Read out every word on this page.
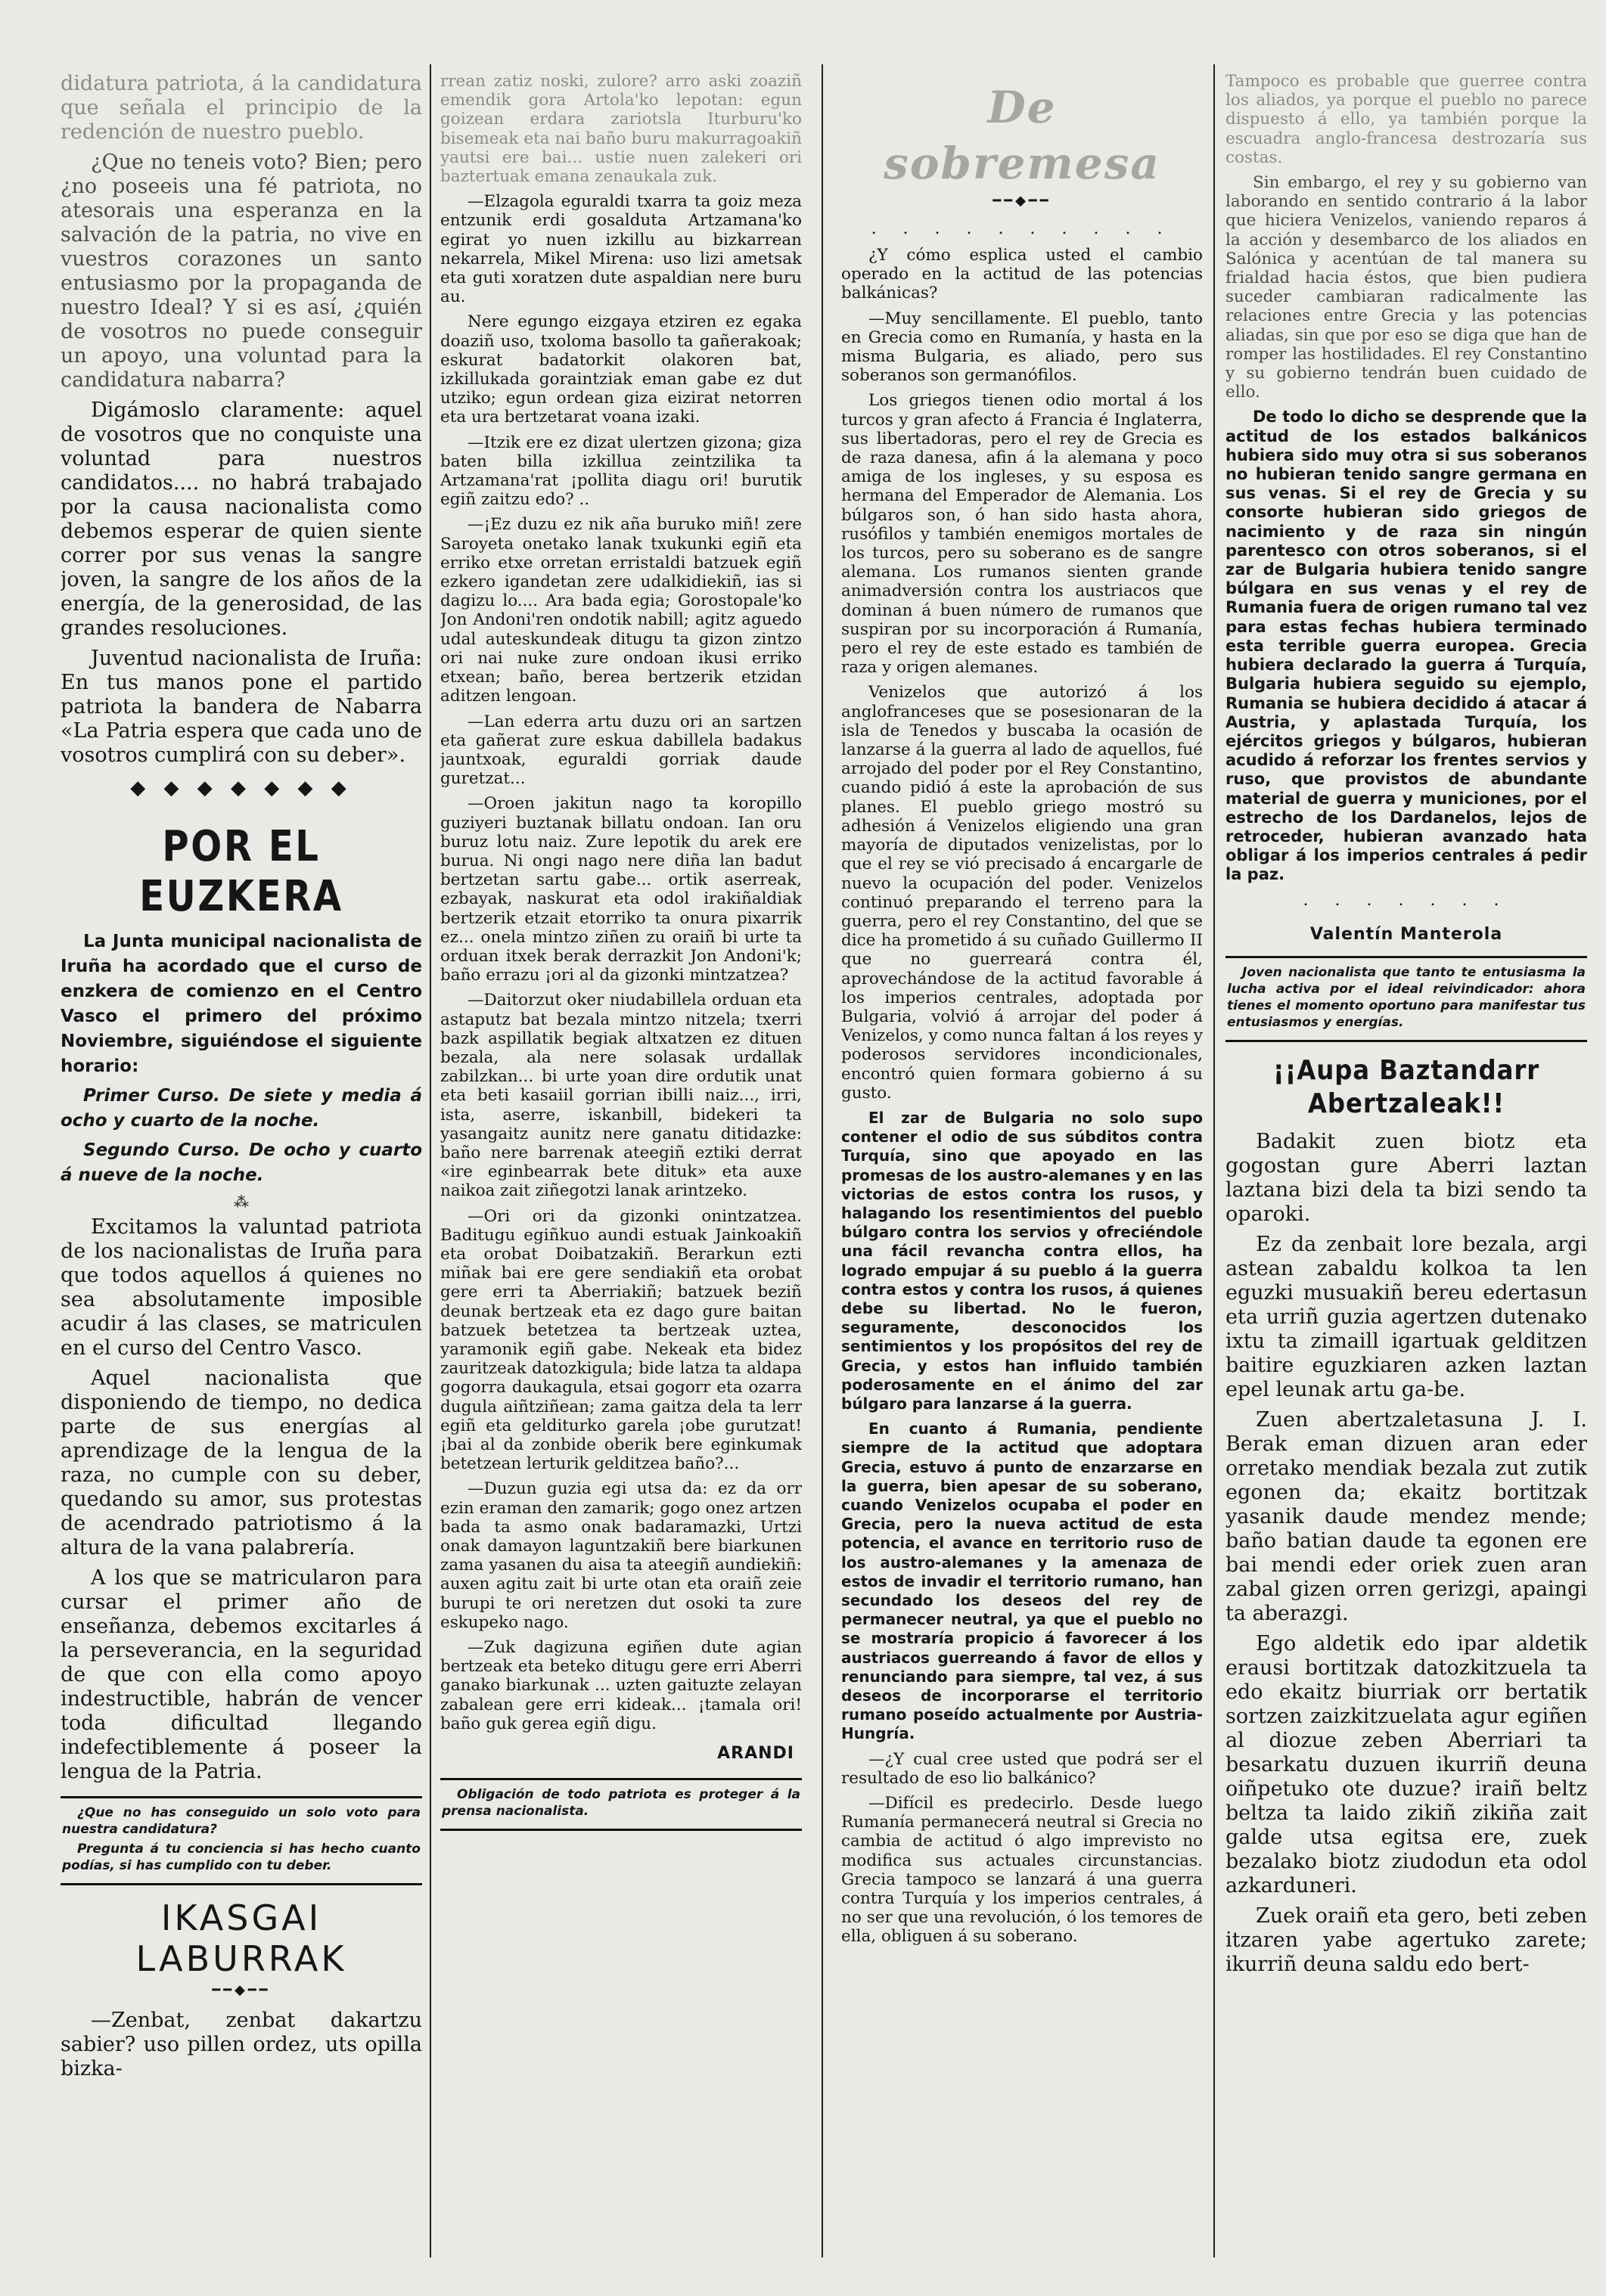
didatura patriota, á la candidatura que señala el principio de la redención de nuestro pueblo.

¿Que no teneis voto? Bien; pero ¿no poseeis una fé patriota, no atesorais una esperanza en la salvación de la patria, no vive en vuestros corazones un santo entusiasmo por la propaganda de nuestro Ideal? Y si es así, ¿quién de vosotros no puede conseguir un apoyo, una voluntad para la candidatura nabarra?

Digámoslo claramente: aquel de vosotros que no conquiste una voluntad para nuestros candidatos.... no habrá trabajado por la causa nacionalista como debemos esperar de quien siente correr por sus venas la sangre joven, la sangre de los años de la energía, de la generosidad, de las grandes resoluciones.

Juventud nacionalista de Iruña: En tus manos pone el partido patriota la bandera de Nabarra «La Patria espera que cada uno de vosotros cumplirá con su deber».

◆ ◆ ◆ ◆ ◆ ◆ ◆
POR EL EUZKERA

La Junta municipal nacionalista de Iruña ha acordado que el curso de enzkera de comienzo en el Centro Vasco el primero del próximo Noviembre, siguiéndose el siguiente horario:

Primer Curso. De siete y media á ocho y cuarto de la noche.

Segundo Curso. De ocho y cuarto á nueve de la noche.

⁂

Excitamos la valuntad patriota de los nacionalistas de Iruña para que todos aquellos á quienes no sea absolutamente imposible acudir á las clases, se matriculen en el curso del Centro Vasco.

Aquel nacionalista que disponiendo de tiempo, no dedica parte de sus energías al aprendizage de la lengua de la raza, no cumple con su deber, quedando su amor, sus protestas de acendrado patriotismo á la altura de la vana palabrería.

A los que se matricularon para cursar el primer año de enseñanza, debemos excitarles á la perseverancia, en la seguridad de que con ella como apoyo indestructible, habrán de vencer toda dificultad llegando indefectiblemente á poseer la lengua de la Patria.

¿Que no has conseguido un solo voto para nuestra candidatura?

Pregunta á tu conciencia si has hecho cuanto podías, si has cumplido con tu deber.

IKASGAI LABURRAK
━━◆━━

—Zenbat, zenbat dakartzu sabier? uso pillen ordez, uts opilla bizka-

rrean zatiz noski, zulore? arro aski zoaziñ emendik gora Artola'ko lepotan: egun goizean erdara zariotsla Iturburu'ko bisemeak eta nai baño buru makurragoakiñ yautsi ere bai... ustie nuen zalekeri ori baztertuak emana zenaukala zuk.

—Elzagola eguraldi txarra ta goiz meza entzunik erdi gosalduta Artzamana'ko egirat yo nuen izkillu au bizkarrean nekarrela, Mikel Mirena: uso lizi ametsak eta guti xoratzen dute aspaldian nere buru au.

Nere egungo eizgaya etziren ez egaka doaziñ uso, txoloma basollo ta gañerakoak; eskurat badatorkit olakoren bat, izkillukada goraintziak eman gabe ez dut utziko; egun ordean giza eizirat netorren eta ura bertzetarat voana izaki.

—Itzik ere ez dizat ulertzen gizona; giza baten billa izkillua zeintzilika ta Artzamana'rat ¡pollita diagu ori! burutik egiñ zaitzu edo? ..

—¡Ez duzu ez nik aña buruko miñ! zere Saroyeta onetako lanak txukunki egiñ eta erriko etxe orretan erristaldi batzuek egiñ ezkero igandetan zere udalkidiekiñ, ias si dagizu lo.... Ara bada egia; Gorostopale'ko Jon Andoni'ren ondotik nabill; agitz aguedo udal auteskundeak ditugu ta gizon zintzo ori nai nuke zure ondoan ikusi erriko etxean; baño, berea bertzerik etzidan aditzen lengoan.

—Lan ederra artu duzu ori an sartzen eta gañerat zure eskua dabillela badakus jauntxoak, eguraldi gorriak daude guretzat...

—Oroen jakitun nago ta koropillo guziyeri buztanak billatu ondoan. Ian oru buruz lotu naiz. Zure lepotik du arek ere burua. Ni ongi nago nere diña lan badut bertzetan sartu gabe... ortik aserreak, ezbayak, naskurat eta odol irakiñaldiak bertzerik etzait etorriko ta onura pixarrik ez... onela mintzo ziñen zu oraiñ bi urte ta orduan itxek berak derrazkit Jon Andoni'k; baño errazu ¡ori al da gizonki mintzatzea?

—Daitorzut oker niudabillela orduan eta astaputz bat bezala mintzo nitzela; txerri bazk aspillatik begiak altxatzen ez dituen bezala, ala nere solasak urdallak zabilzkan... bi urte yoan dire ordutik unat eta beti kasaiil gorrian ibilli naiz..., irri, ista, aserre, iskanbill, bidekeri ta yasangaitz aunitz nere ganatu ditidazke: baño nere barrenak ateegiñ eztiki derrat «ire eginbearrak bete dituk» eta auxe naikoa zait ziñegotzi lanak arintzeko.

—Ori ori da gizonki onintzatzea. Baditugu egiñkuo aundi estuak Jainkoakiñ eta orobat Doibatzakiñ. Berarkun ezti miñak bai ere gere sendiakiñ eta orobat gere erri ta Aberriakiñ; batzuek beziñ deunak bertzeak eta ez dago gure baitan batzuek betetzea ta bertzeak uztea, yaramonik egiñ gabe. Nekeak eta bidez zauritzeak datozkigula; bide latza ta aldapa gogorra daukagula, etsai gogorr eta ozarra dugula aiñtziñean; zama gaitza dela ta lerr egiñ eta gelditurko garela ¡obe gurutzat! ¡bai al da zonbide oberik bere eginkumak betetzean lerturik gelditzea baño?...

—Duzun guzia egi utsa da: ez da orr ezin eraman den zamarik; gogo onez artzen bada ta asmo onak badaramazki, Urtzi onak damayon laguntzakiñ bere biarkunen zama yasanen du aisa ta ateegiñ aundiekiñ: auxen agitu zait bi urte otan eta oraiñ zeie burupi te ori neretzen dut osoki ta zure eskupeko nago.

—Zuk dagizuna egiñen dute agian bertzeak eta beteko ditugu gere erri Aberri ganako biarkunak ... uzten gaituzte zelayan zabalean gere erri kideak... ¡tamala ori! baño guk gerea egiñ digu.

ARANDI

Obligación de todo patriota es proteger á la prensa nacionalista.

De sobremesa
━━◆━━
. . . . . . . . . .

¿Y cómo esplica usted el cambio operado en la actitud de las potencias balkánicas?

—Muy sencillamente. El pueblo, tanto en Grecia como en Rumanía, y hasta en la misma Bulgaria, es aliado, pero sus soberanos son germanófilos.

Los griegos tienen odio mortal á los turcos y gran afecto á Francia é Inglaterra, sus libertadoras, pero el rey de Grecia es de raza danesa, afin á la alemana y poco amiga de los ingleses, y su esposa es hermana del Emperador de Alemania. Los búlgaros son, ó han sido hasta ahora, rusófilos y también enemigos mortales de los turcos, pero su soberano es de sangre alemana. Los rumanos sienten grande animadversión contra los austriacos que dominan á buen número de rumanos que suspiran por su incorporación á Rumanía, pero el rey de este estado es también de raza y origen alemanes.

Venizelos que autorizó á los anglofranceses que se posesionaran de la isla de Tenedos y buscaba la ocasión de lanzarse á la guerra al lado de aquellos, fué arrojado del poder por el Rey Constantino, cuando pidió á este la aprobación de sus planes. El pueblo griego mostró su adhesión á Venizelos eligiendo una gran mayoría de diputados venizelistas, por lo que el rey se vió precisado á encargarle de nuevo la ocupación del poder. Venizelos continuó preparando el terreno para la guerra, pero el rey Constantino, del que se dice ha prometido á su cuñado Guillermo II que no guerreará contra él, aprovechándose de la actitud favorable á los imperios centrales, adoptada por Bulgaria, volvió á arrojar del poder á Venizelos, y como nunca faltan á los reyes y poderosos servidores incondicionales, encontró quien formara gobierno á su gusto.

El zar de Bulgaria no solo supo contener el odio de sus súbditos contra Turquía, sino que apoyado en las promesas de los austro-alemanes y en las victorias de estos contra los rusos, y halagando los resentimientos del pueblo búlgaro contra los servios y ofreciéndole una fácil revancha contra ellos, ha logrado empujar á su pueblo á la guerra contra estos y contra los rusos, á quienes debe su libertad. No le fueron, seguramente, desconocidos los sentimientos y los propósitos del rey de Grecia, y estos han influido también poderosamente en el ánimo del zar búlgaro para lanzarse á la guerra.

En cuanto á Rumania, pendiente siempre de la actitud que adoptara Grecia, estuvo á punto de enzarzarse en la guerra, bien apesar de su soberano, cuando Venizelos ocupaba el poder en Grecia, pero la nueva actitud de esta potencia, el avance en territorio ruso de los austro-alemanes y la amenaza de estos de invadir el territorio rumano, han secundado los deseos del rey de permanecer neutral, ya que el pueblo no se mostraría propicio á favorecer á los austriacos guerreando á favor de ellos y renunciando para siempre, tal vez, á sus deseos de incorporarse el territorio rumano poseído actualmente por Austria-Hungría.

—¿Y cual cree usted que podrá ser el resultado de eso lio balkánico?

—Difícil es predecirlo. Desde luego Rumanía permanecerá neutral si Grecia no cambia de actitud ó algo imprevisto no modifica sus actuales circunstancias. Grecia tampoco se lanzará á una guerra contra Turquía y los imperios centrales, á no ser que una revolución, ó los temores de ella, obliguen á su soberano.

Tampoco es probable que guerree contra los aliados, ya porque el pueblo no parece dispuesto á ello, ya también porque la escuadra anglo-francesa destrozaría sus costas.

Sin embargo, el rey y su gobierno van laborando en sentido contrario á la labor que hiciera Venizelos, vaniendo reparos á la acción y desembarco de los aliados en Salónica y acentúan de tal manera su frialdad hacia éstos, que bien pudiera suceder cambiaran radicalmente las relaciones entre Grecia y las potencias aliadas, sin que por eso se diga que han de romper las hostilidades. El rey Constantino y su gobierno tendrán buen cuidado de ello.

De todo lo dicho se desprende que la actitud de los estados balkánicos hubiera sido muy otra si sus soberanos no hubieran tenido sangre germana en sus venas. Si el rey de Grecia y su consorte hubieran sido griegos de nacimiento y de raza sin ningún parentesco con otros soberanos, si el zar de Bulgaria hubiera tenido sangre búlgara en sus venas y el rey de Rumania fuera de origen rumano tal vez para estas fechas hubiera terminado esta terrible guerra europea. Grecia hubiera declarado la guerra á Turquía, Bulgaria hubiera seguido su ejemplo, Rumania se hubiera decidido á atacar á Austria, y aplastada Turquía, los ejércitos griegos y búlgaros, hubieran acudido á reforzar los frentes servios y ruso, que provistos de abundante material de guerra y municiones, por el estrecho de los Dardanelos, lejos de retroceder, hubieran avanzado hata obligar á los imperios centrales á pedir la paz.

. . . . . . .
Valentín Manterola

Joven nacionalista que tanto te entusiasma la lucha activa por el ideal reivindicador: ahora tienes el momento oportuno para manifestar tus entusiasmos y energías.

¡¡Aupa Baztandarr Abertzaleak!!

Badakit zuen biotz eta gogostan gure Aberri laztan laztana bizi dela ta bizi sendo ta oparoki.

Ez da zenbait lore bezala, argi astean zabaldu kolkoa ta len eguzki musuakiñ bereu edertasun eta urriñ guzia agertzen dutenako ixtu ta zimaill igartuak gelditzen baitire eguzkiaren azken laztan epel leunak artu ga-be.

Zuen abertzaletasuna J. I. Berak eman dizuen aran eder orretako mendiak bezala zut zutik egonen da; ekaitz bortitzak yasanik daude mendez mende; baño batian daude ta egonen ere bai mendi eder oriek zuen aran zabal gizen orren gerizgi, apaingi ta aberazgi.

Ego aldetik edo ipar aldetik erausi bortitzak datozkitzuela ta edo ekaitz biurriak orr bertatik sortzen zaizkitzuelata agur egiñen al diozue zeben Aberriari ta besarkatu duzuen ikurriñ deuna oiñpetuko ote duzue? iraiñ beltz beltza ta laido zikiñ zikiña zait galde utsa egitsa ere, zuek bezalako biotz ziudodun eta odol azkarduneri.

Zuek oraiñ eta gero, beti zeben itzaren yabe agertuko zarete; ikurriñ deuna saldu edo bert-
